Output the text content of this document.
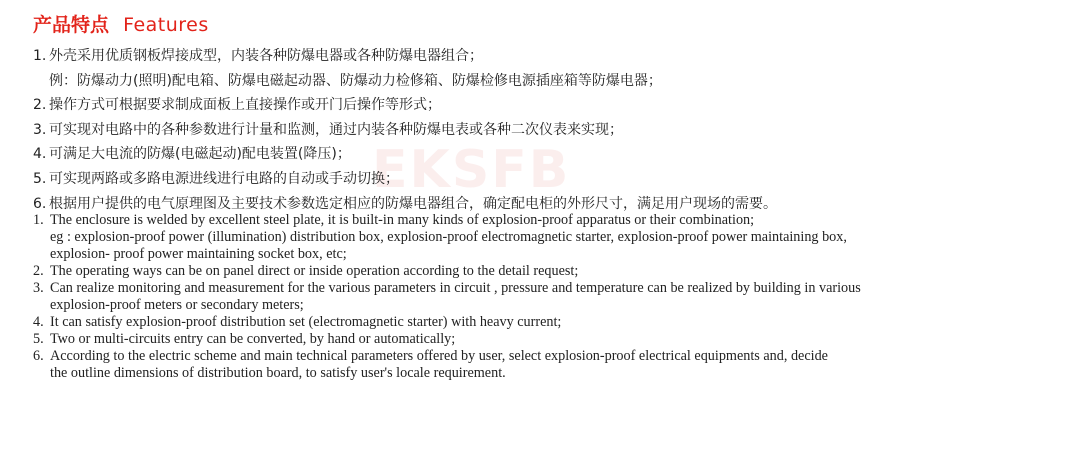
产品特点 Features
EKSFB
1. 外壳采用优质钢板焊接成型，内装各种防爆电器或各种防爆电器组合；
例：防爆动力(照明)配电箱、防爆电磁起动器、防爆动力检修箱、防爆检修电源插座箱等防爆电器；
2. 操作方式可根据要求制成面板上直接操作或开门后操作等形式；
3. 可实现对电路中的各种参数进行计量和监测，通过内装各种防爆电表或各种二次仪表来实现；
4. 可满足大电流的防爆(电磁起动)配电装置(降压)；
5. 可实现两路或多路电源进线进行电路的自动或手动切换；
6. 根据用户提供的电气原理图及主要技术参数选定相应的防爆电器组合，确定配电柜的外形尺寸，满足用户现场的需要。
1. The enclosure is welded by excellent steel plate, it is built-in many kinds of explosion-proof apparatus or their combination;
eg : explosion-proof power (illumination) distribution box, explosion-proof electromagnetic starter, explosion-proof power maintaining box,
explosion- proof power maintaining socket box, etc;
2. The operating ways can be on panel direct or inside operation according to the detail request;
3. Can realize monitoring and measurement for the various parameters in circuit , pressure and temperature can be realized by building in various
explosion-proof meters or secondary meters;
4. It can satisfy explosion-proof distribution set (electromagnetic starter) with heavy current;
5. Two or multi-circuits entry can be converted, by hand or automatically;
6. According to the electric scheme and main technical parameters offered by user, select explosion-proof electrical equipments and, decide
the outline dimensions of distribution board, to satisfy user's locale requirement.
